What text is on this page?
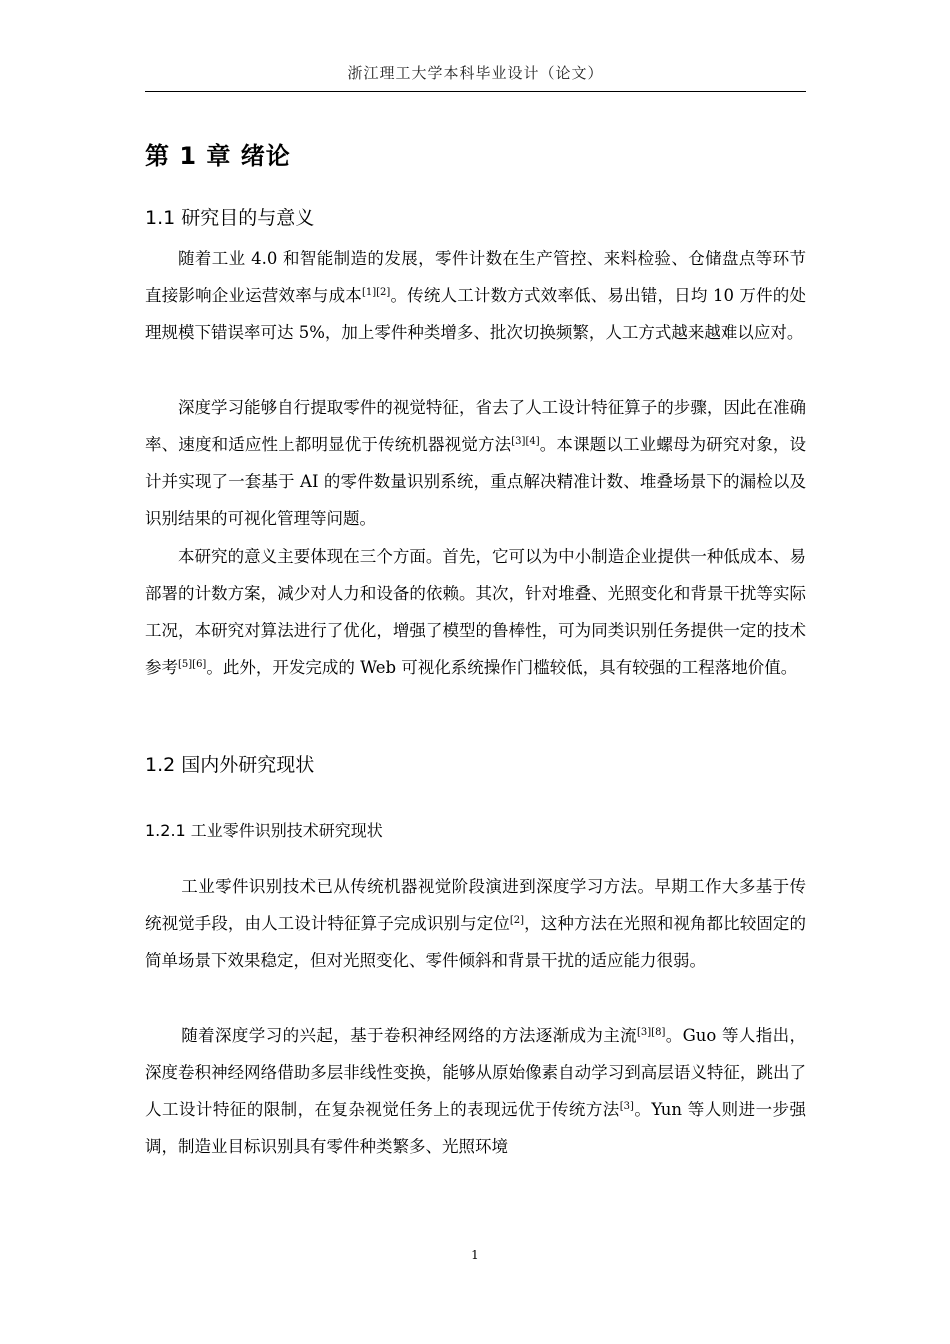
浙江理工大学本科毕业设计（论文）
第 1 章 绪论
1.1 研究目的与意义
随着工业 4.0 和智能制造的发展，零件计数在生产管控、来料检验、仓储盘点等环节直接影响企业运营效率与成本[1][2]。传统人工计数方式效率低、易出错，日均 10 万件的处理规模下错误率可达 5%，加上零件种类增多、批次切换频繁，人工方式越来越难以应对。
深度学习能够自行提取零件的视觉特征，省去了人工设计特征算子的步骤，因此在准确率、速度和适应性上都明显优于传统机器视觉方法[3][4]。本课题以工业螺母为研究对象，设计并实现了一套基于 AI 的零件数量识别系统，重点解决精准计数、堆叠场景下的漏检以及识别结果的可视化管理等问题。
本研究的意义主要体现在三个方面。首先，它可以为中小制造企业提供一种低成本、易部署的计数方案，减少对人力和设备的依赖。其次，针对堆叠、光照变化和背景干扰等实际工况，本研究对算法进行了优化，增强了模型的鲁棒性，可为同类识别任务提供一定的技术参考[5][6]。此外，开发完成的 Web 可视化系统操作门槛较低，具有较强的工程落地价值。
1.2 国内外研究现状
1.2.1 工业零件识别技术研究现状
工业零件识别技术已从传统机器视觉阶段演进到深度学习方法。早期工作大多基于传统视觉手段，由人工设计特征算子完成识别与定位[2]，这种方法在光照和视角都比较固定的简单场景下效果稳定，但对光照变化、零件倾斜和背景干扰的适应能力很弱。
随着深度学习的兴起，基于卷积神经网络的方法逐渐成为主流[3][8]。Guo 等人指出，深度卷积神经网络借助多层非线性变换，能够从原始像素自动学习到高层语义特征，跳出了人工设计特征的限制，在复杂视觉任务上的表现远优于传统方法[3]。Yun 等人则进一步强调，制造业目标识别具有零件种类繁多、光照环境
1
